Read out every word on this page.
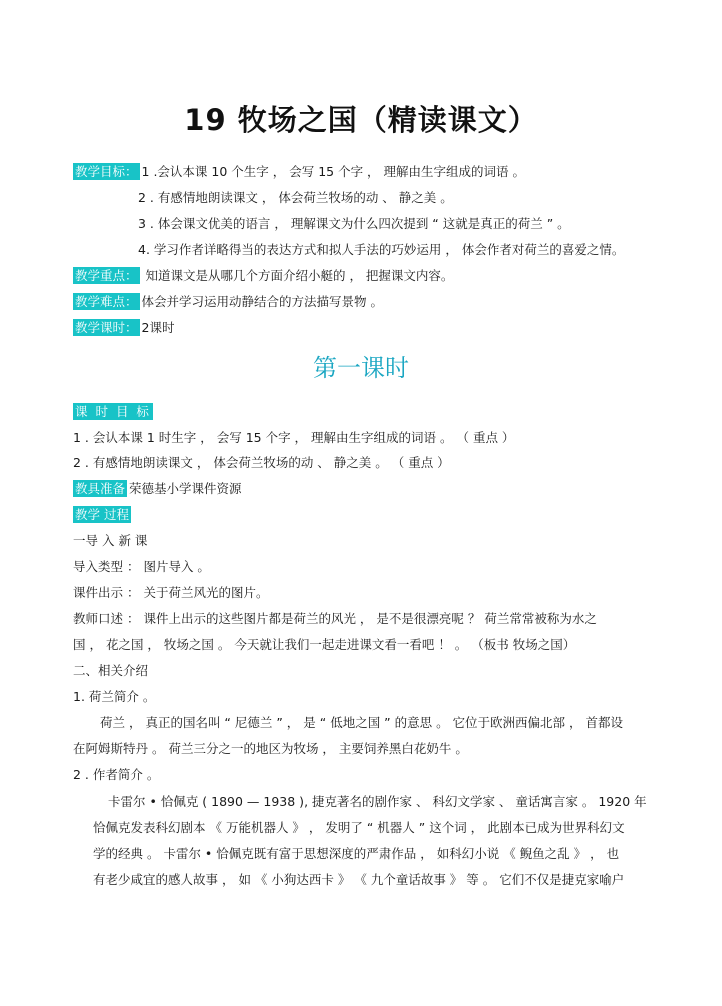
19 牧场之国（精读课文）
教学目标： 1 .会认本课 10 个生字 ， 会写 15 个字 ， 理解由生字组成的词语 。
2 . 有感情地朗读课文 ， 体会荷兰牧场的动 、 静之美 。
3 . 体会课文优美的语言 ， 理解课文为什么四次提到 “ 这就是真正的荷兰 ” 。
4. 学习作者详略得当的表达方式和拟人手法的巧妙运用 ， 体会作者对荷兰的喜爱之情。
教学重点： 知道课文是从哪几个方面介绍小艇的 ， 把握课文内容。
教学难点： 体会并学习运用动静结合的方法描写景物 。
教学课时： 2课时
第一课时
课 时 目 标
1 . 会认本课 1 时生字 ， 会写 15 个字 ， 理解由生字组成的词语 。 （ 重点 ）
2 . 有感情地朗读课文 ， 体会荷兰牧场的动 、 静之美 。 （ 重点 ）
教具准备 荣德基小学课件资源
教学 过程
一导 入 新 课
导入类型 ： 图片导入 。
课件出示 ： 关于荷兰风光的图片。
教师口述 ： 课件上出示的这些图片都是荷兰的风光 ， 是不是很漂亮呢 ？ 荷兰常常被称为水之
国 ， 花之国 ， 牧场之国 。 今天就让我们一起走进课文看一看吧 ！ 。 （板书 牧场之国）
二、相关介绍
1. 荷兰简介 。
荷兰 ， 真正的国名叫 “ 尼德兰 ” ， 是 “ 低地之国 ” 的意思 。 它位于欧洲西偏北部 ， 首都设
在阿姆斯特丹 。 荷兰三分之一的地区为牧场 ， 主要饲养黑白花奶牛 。
2 . 作者简介 。
卡雷尔 • 恰佩克 ( 1890 — 1938 ), 捷克著名的剧作家 、 科幻文学家 、 童话寓言家 。 1920 年
恰佩克发表科幻剧本 《 万能机器人 》 ， 发明了 “ 机器人 ” 这个词 ， 此剧本已成为世界科幻文
学的经典 。 卡雷尔 • 恰佩克既有富于思想深度的严肃作品 ， 如科幻小说 《 鲵鱼之乱 》 ， 也
有老少咸宜的感人故事 ， 如 《 小狗达西卡 》 《 九个童话故事 》 等 。 它们不仅是捷克家喻户
